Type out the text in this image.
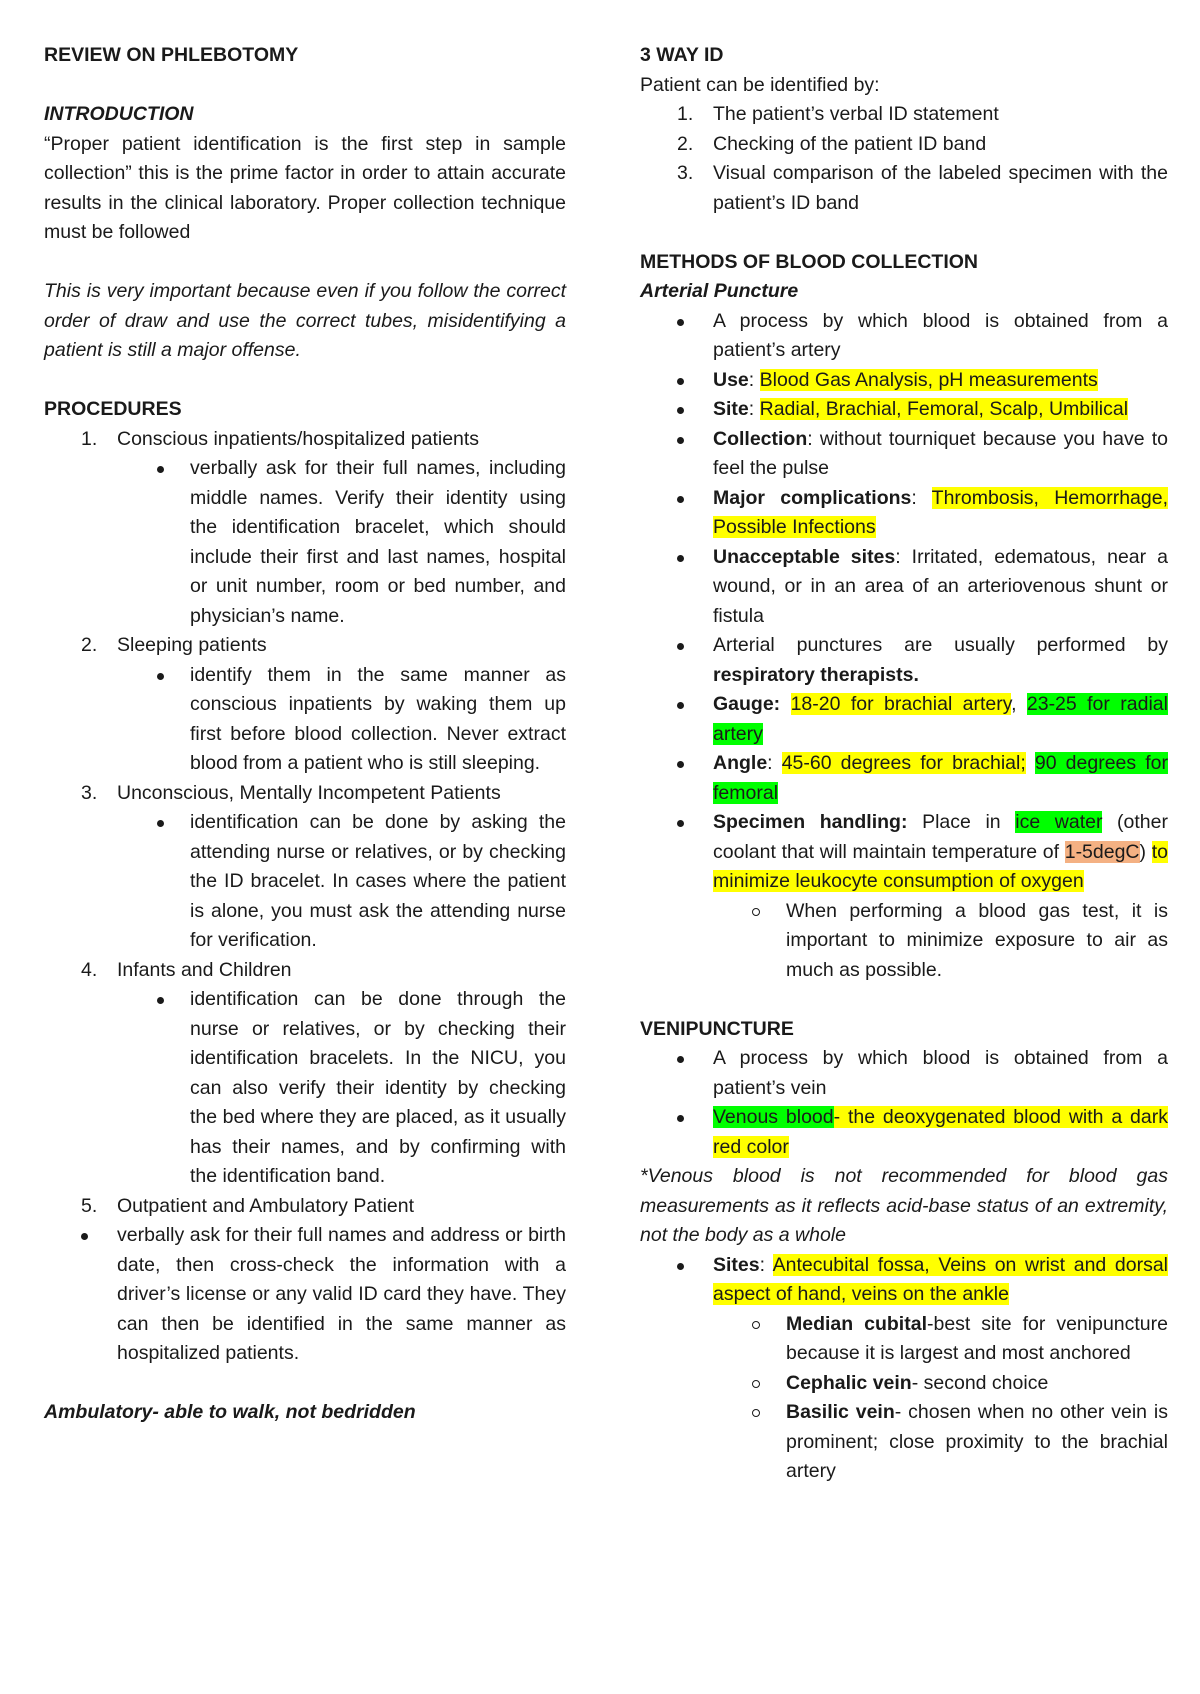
REVIEW ON PHLEBOTOMY

INTRODUCTION

“Proper patient identification is the first step in sample collection” this is the prime factor in order to attain accurate results in the clinical laboratory. Proper collection technique must be followed

This is very important because even if you follow the correct order of draw and use the correct tubes, misidentifying a patient is still a major offense.

PROCEDURES
1. Conscious inpatients/hospitalized patients
verbally ask for their full names, including middle names. Verify their identity using the identification bracelet, which should include their first and last names, hospital or unit number, room or bed number, and physician’s name.
2. Sleeping patients
identify them in the same manner as conscious inpatients by waking them up first before blood collection. Never extract blood from a patient who is still sleeping.
3. Unconscious, Mentally Incompetent Patients
identification can be done by asking the attending nurse or relatives, or by checking the ID bracelet. In cases where the patient is alone, you must ask the attending nurse for verification.
4. Infants and Children
identification can be done through the nurse or relatives, or by checking their identification bracelets. In the NICU, you can also verify their identity by checking the bed where they are placed, as it usually has their names, and by confirming with the identification band.
5. Outpatient and Ambulatory Patient
verbally ask for their full names and address or birth date, then cross-check the information with a driver’s license or any valid ID card they have. They can then be identified in the same manner as hospitalized patients.

Ambulatory- able to walk, not bedridden

3 WAY ID

Patient can be identified by:

1. The patient’s verbal ID statement
2. Checking of the patient ID band
3. Visual comparison of the labeled specimen with the patient’s ID band
METHODS OF BLOOD COLLECTION

Arterial Puncture

A process by which blood is obtained from a patient’s artery
Use: Blood Gas Analysis, pH measurements
Site: Radial, Brachial, Femoral, Scalp, Umbilical
Collection: without tourniquet because you have to feel the pulse
Major complications: Thrombosis, Hemorrhage, Possible Infections
Unacceptable sites: Irritated, edematous, near a wound, or in an area of an arteriovenous shunt or fistula
Arterial punctures are usually performed by respiratory therapists.
Gauge: 18-20 for brachial artery, 23-25 for radial artery
Angle: 45-60 degrees for brachial; 90 degrees for femoral
Specimen handling: Place in ice water (other coolant that will maintain temperature of 1-5degC) to minimize leukocyte consumption of oxygen
When performing a blood gas test, it is important to minimize exposure to air as much as possible.
VENIPUNCTURE
A process by which blood is obtained from a patient’s vein
Venous blood- the deoxygenated blood with a dark red color

*Venous blood is not recommended for blood gas measurements as it reflects acid-base status of an extremity, not the body as a whole

Sites: Antecubital fossa, Veins on wrist and dorsal aspect of hand, veins on the ankle
Median cubital-best site for venipuncture because it is largest and most anchored
Cephalic vein- second choice
Basilic vein- chosen when no other vein is prominent; close proximity to the brachial artery
